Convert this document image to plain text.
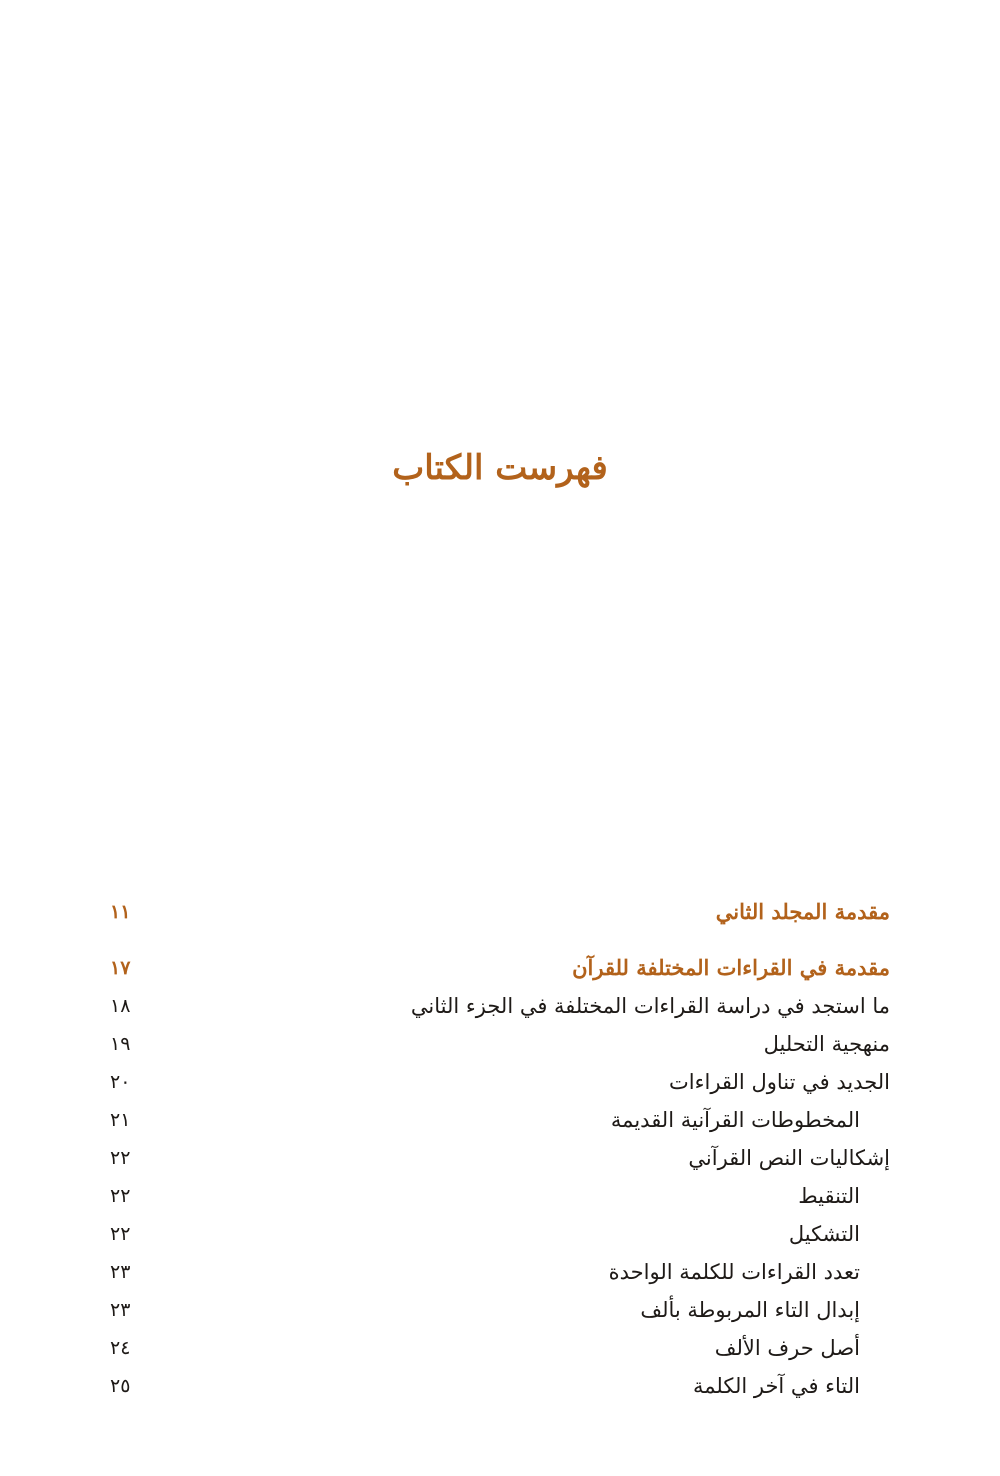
فهرست الكتاب
مقدمة المجلد الثاني
١١
مقدمة في القراءات المختلفة للقرآن
١٧
ما استجد في دراسة القراءات المختلفة في الجزء الثاني
١٨
منهجية التحليل
١٩
الجديد في تناول القراءات
٢٠
المخطوطات القرآنية القديمة
٢١
إشكاليات النص القرآني
٢٢
التنقيط
٢٢
التشكيل
٢٢
تعدد القراءات للكلمة الواحدة
٢٣
إبدال التاء المربوطة بألف
٢٣
أصل حرف الألف
٢٤
التاء في آخر الكلمة
٢٥
